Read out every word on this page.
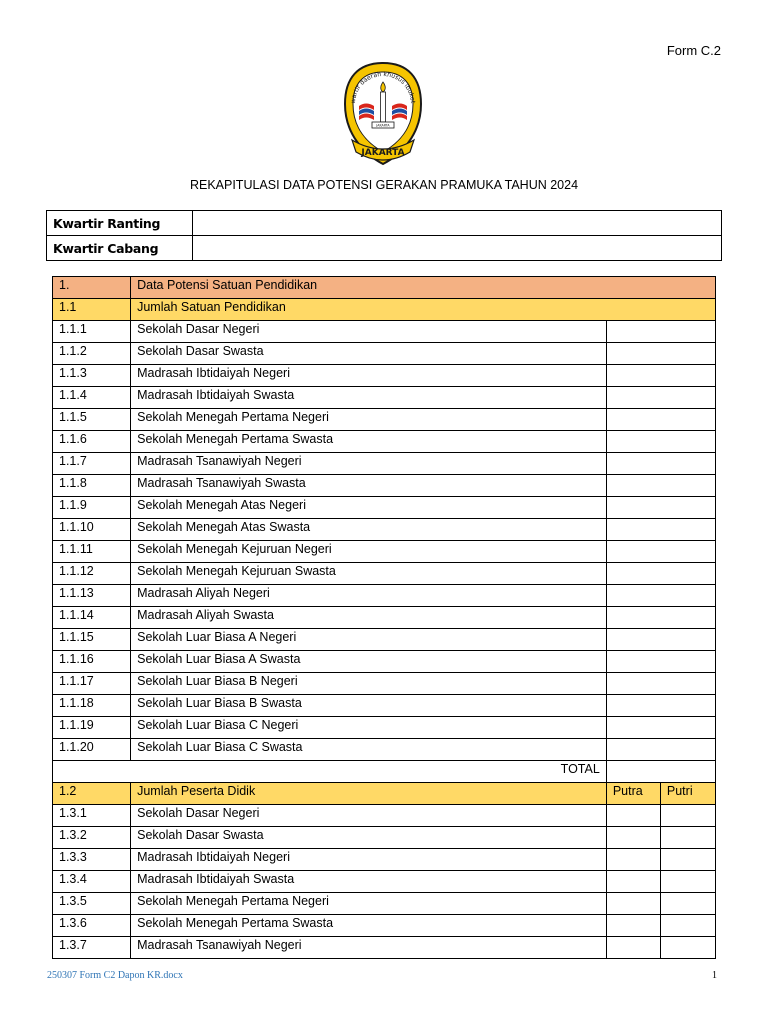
Form C.2
wartir daerah khusus ibukot
JAKARTA
JAKARTA
REKAPITULASI DATA POTENSI GERAKAN PRAMUKA TAHUN 2024
Kwartir Ranting	
Kwartir Cabang	
1.	Data Potensi Satuan Pendidikan		
1.1	Jumlah Satuan Pendidikan		
1.1.1	Sekolah Dasar Negeri		
1.1.2	Sekolah Dasar Swasta		
1.1.3	Madrasah Ibtidaiyah Negeri		
1.1.4	Madrasah Ibtidaiyah Swasta		
1.1.5	Sekolah Menegah Pertama Negeri		
1.1.6	Sekolah Menegah Pertama Swasta		
1.1.7	Madrasah Tsanawiyah Negeri		
1.1.8	Madrasah Tsanawiyah Swasta		
1.1.9	Sekolah Menegah Atas Negeri		
1.1.10	Sekolah Menegah Atas Swasta		
1.1.11	Sekolah Menegah Kejuruan Negeri		
1.1.12	Sekolah Menegah Kejuruan Swasta		
1.1.13	Madrasah Aliyah Negeri		
1.1.14	Madrasah Aliyah Swasta		
1.1.15	Sekolah Luar Biasa A Negeri		
1.1.16	Sekolah Luar Biasa A Swasta		
1.1.17	Sekolah Luar Biasa B Negeri		
1.1.18	Sekolah Luar Biasa B Swasta		
1.1.19	Sekolah Luar Biasa C Negeri		
1.1.20	Sekolah Luar Biasa C Swasta		
TOTAL			
1.2	Jumlah Peserta Didik	Putra	Putri
1.3.1	Sekolah Dasar Negeri		
1.3.2	Sekolah Dasar Swasta		
1.3.3	Madrasah Ibtidaiyah Negeri		
1.3.4	Madrasah Ibtidaiyah Swasta		
1.3.5	Sekolah Menegah Pertama Negeri		
1.3.6	Sekolah Menegah Pertama Swasta		
1.3.7	Madrasah Tsanawiyah Negeri		
250307 Form C2 Dapon KR.docx	1
